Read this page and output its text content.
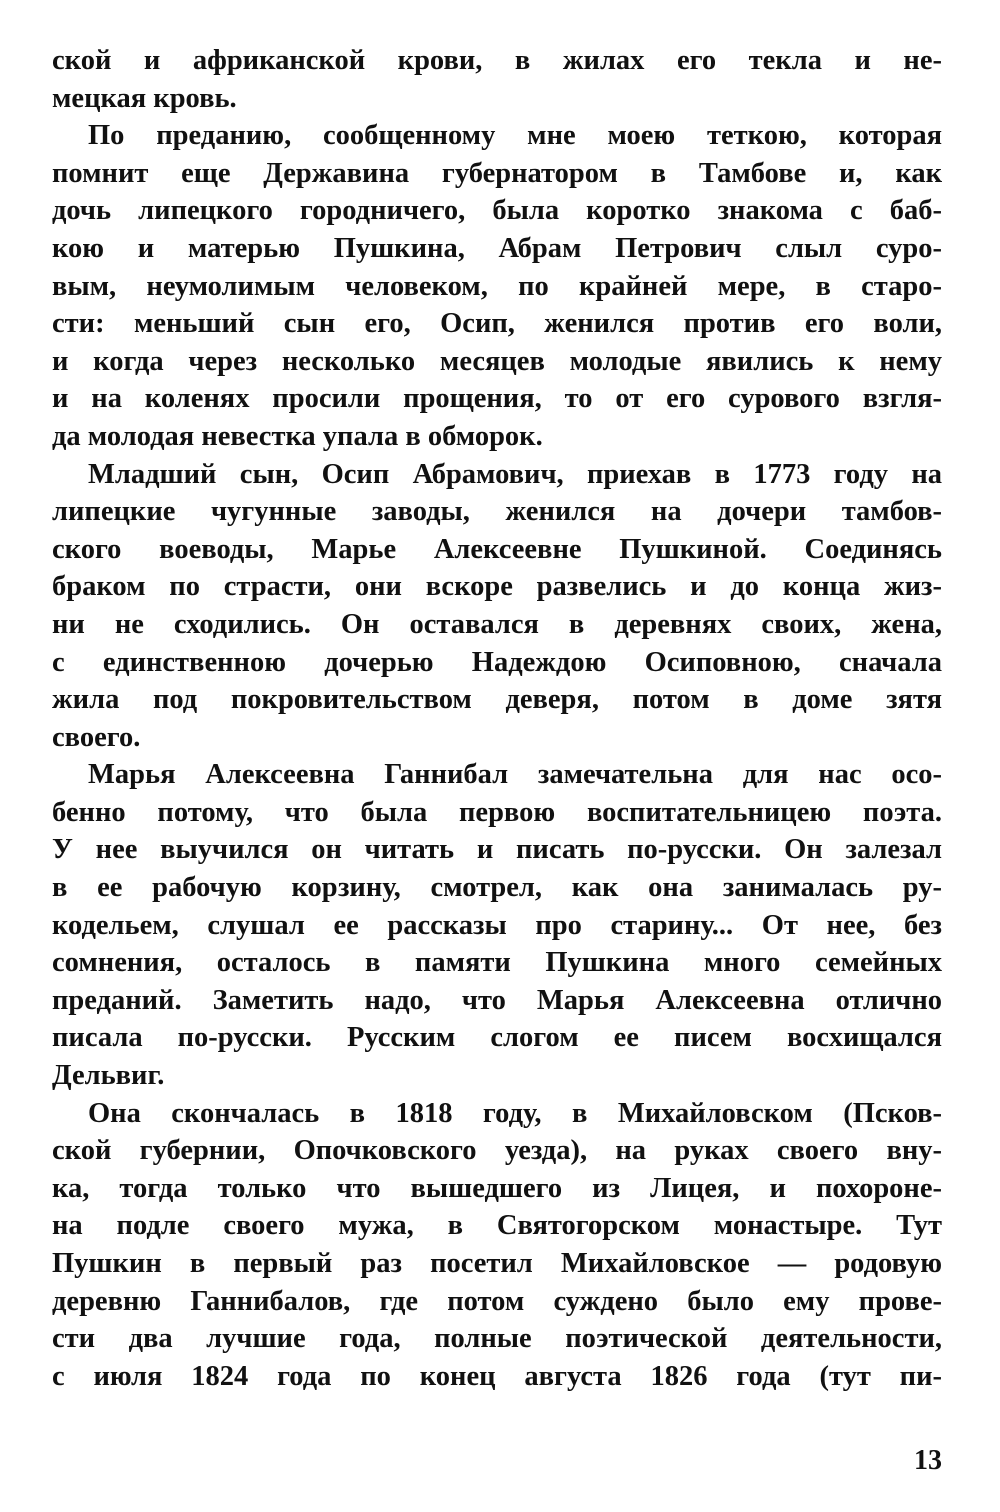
ской и африканской крови, в жилах его текла и не-
мецкая кровь.
По преданию, сообщенному мне моею теткою, которая
помнит еще Державина губернатором в Тамбове и, как
дочь липецкого городничего, была коротко знакома с баб-
кою и матерью Пушкина, Абрам Петрович слыл суро-
вым, неумолимым человеком, по крайней мере, в старо-
сти: меньший сын его, Осип, женился против его воли,
и когда через несколько месяцев молодые явились к нему
и на коленях просили прощения, то от его сурового взгля-
да молодая невестка упала в обморок.
Младший сын, Осип Абрамович, приехав в 1773 году на
липецкие чугунные заводы, женился на дочери тамбов-
ского воеводы, Марье Алексеевне Пушкиной. Соединясь
браком по страсти, они вскоре развелись и до конца жиз-
ни не сходились. Он оставался в деревнях своих, жена,
с единственною дочерью Надеждою Осиповною, сначала
жила под покровительством деверя, потом в доме зятя
своего.
Марья Алексеевна Ганнибал замечательна для нас осо-
бенно потому, что была первою воспитательницею поэта.
У нее выучился он читать и писать по-русски. Он залезал
в ее рабочую корзину, смотрел, как она занималась ру-
кодельем, слушал ее рассказы про старину... От нее, без
сомнения, осталось в памяти Пушкина много семейных
преданий. Заметить надо, что Марья Алексеевна отлично
писала по-русски. Русским слогом ее писем восхищался
Дельвиг.
Она скончалась в 1818 году, в Михайловском (Псков-
ской губернии, Опочковского уезда), на руках своего вну-
ка, тогда только что вышедшего из Лицея, и похороне-
на подле своего мужа, в Святогорском монастыре. Тут
Пушкин в первый раз посетил Михайловское — родовую
деревню Ганнибалов, где потом суждено было ему прове-
сти два лучшие года, полные поэтической деятельности,
с июля 1824 года по конец августа 1826 года (тут пи-
13
